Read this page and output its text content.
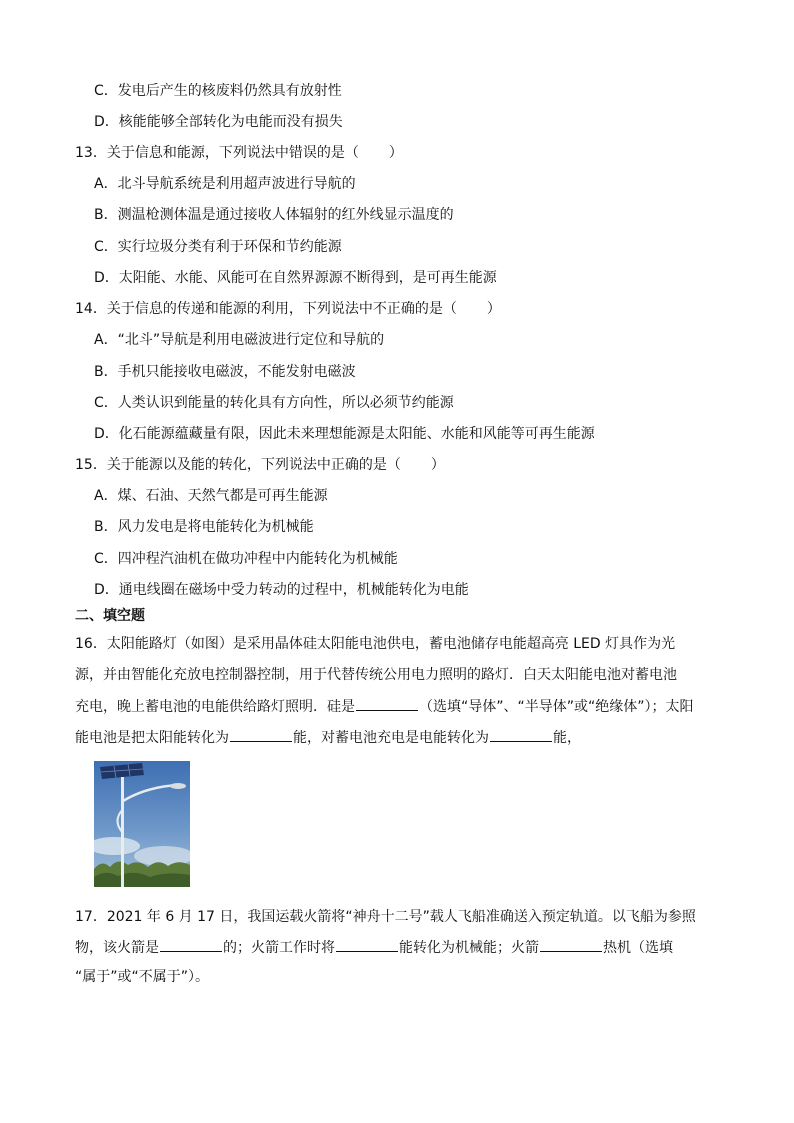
C．发电后产生的核废料仍然具有放射性
D．核能能够全部转化为电能而没有损失
13．关于信息和能源，下列说法中错误的是（ ）
A．北斗导航系统是利用超声波进行导航的
B．测温枪测体温是通过接收人体辐射的红外线显示温度的
C．实行垃圾分类有利于环保和节约能源
D．太阳能、水能、风能可在自然界源源不断得到，是可再生能源
14．关于信息的传递和能源的利用，下列说法中不正确的是（ ）
A．“北斗”导航是利用电磁波进行定位和导航的
B．手机只能接收电磁波，不能发射电磁波
C．人类认识到能量的转化具有方向性，所以必须节约能源
D．化石能源蕴藏量有限，因此未来理想能源是太阳能、水能和风能等可再生能源
15．关于能源以及能的转化，下列说法中正确的是（ ）
A．煤、石油、天然气都是可再生能源
B．风力发电是将电能转化为机械能
C．四冲程汽油机在做功冲程中内能转化为机械能
D．通电线圈在磁场中受力转动的过程中，机械能转化为电能
二、填空题
16．太阳能路灯（如图）是采用晶体硅太阳能电池供电，蓄电池储存电能超高亮 LED 灯具作为光
源，并由智能化充放电控制器控制，用于代替传统公用电力照明的路灯．白天太阳能电池对蓄电池
充电，晚上蓄电池的电能供给路灯照明．硅是	（选填“导体”、“半导体”或“绝缘体”）；太阳
能电池是把太阳能转化为	能，对蓄电池充电是电能转化为	能，
17．2021 年 6 月 17 日，我国运载火箭将“神舟十二号”载人飞船准确送入预定轨道。以飞船为参照
物，该火箭是	的；火箭工作时将	能转化为机械能；火箭	热机（选填
“属于”或“不属于”）。
